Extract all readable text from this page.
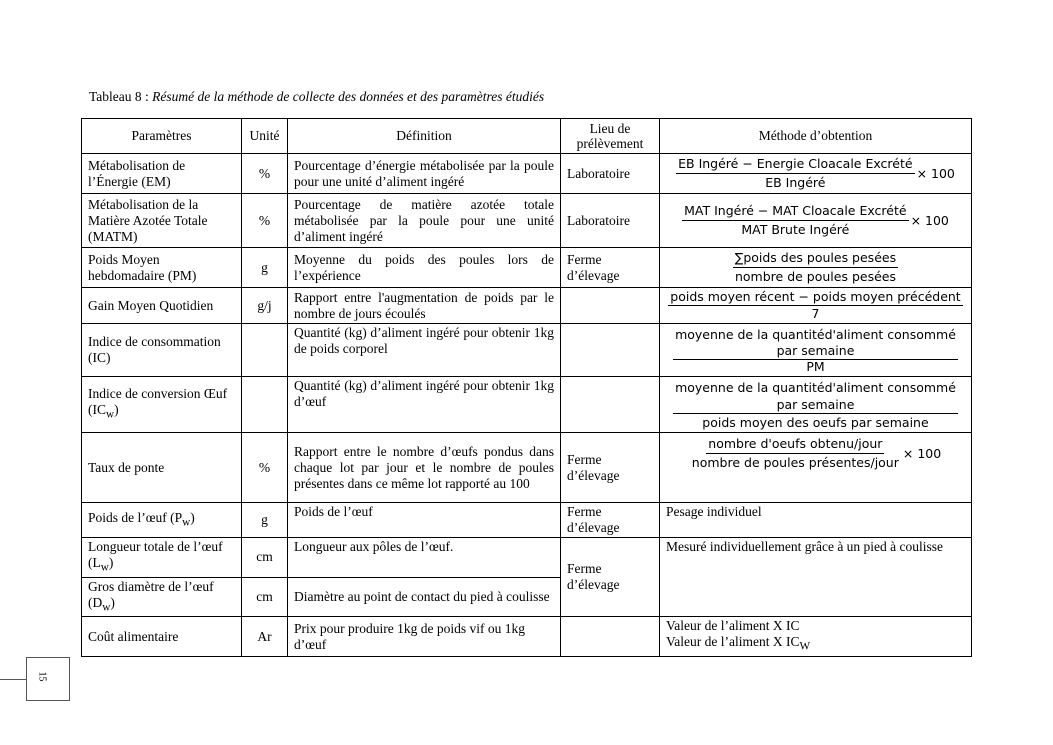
Tableau 8 : Résumé de la méthode de collecte des données et des paramètres étudiés
Paramètres	Unité	Définition	Lieu de prélèvement	Méthode d’obtention
Métabolisation de l’Énergie (EM)	%	Pourcentage d’énergie métabolisée par la poule pour une unité d’aliment ingéré	Laboratoire	$\frac{\text{EB Ingéré − Energie Cloacale Excrété}}{\text{EB Ingéré}} \times 100$
Métabolisation de la Matière Azotée Totale (MATM)	%	Pourcentage de matière azotée totale métabolisée par la poule pour une unité d’aliment ingéré	Laboratoire	$\frac{\text{MAT Ingéré − MAT Cloacale Excrété}}{\text{MAT Brute Ingéré}} \times 100$
Poids Moyen hebdomadaire (PM)	g	Moyenne du poids des poules lors de l’expérience	Ferme d’élevage	$\frac{\text{∑poids des poules pesées}}{\text{nombre de poules pesées}}$

Gain Moyen Quotidien	g/j	Rapport entre l'augmentation de poids par le nombre de jours écoulés		$\frac{\text{poids moyen récent − poids moyen précédent}}{7}$

Indice de consommation (IC)		Quantité (kg) d’aliment ingéré pour obtenir 1kg de poids corporel		moyenne de la quantitéd'aliment consommé
par semaine
PM

Indice de conversion Œuf $(IC_w)$		Quantité (kg) d’aliment ingéré pour obtenir 1kg d’œuf		moyenne de la quantitéd'aliment consommé
par semaine
poids moyen des oeufs par semaine

Taux de ponte	%	Rapport entre le nombre d’œufs pondus dans chaque lot par jour et le nombre de poules présentes dans ce même lot rapporté au 100	Ferme d’élevage	$\frac{\text{nombre d'oeufs obtenu/jour}}{\text{nombre de poules présentes/jour}} \times 100$
Poids de l’œuf $(P_w)$	g	Poids de l’œuf	Ferme d’élevage	Pesage individuel
Longueur totale de l’œuf $(L_w)$	cm	Longueur aux pôles de l’œuf.	Ferme d’élevage	Mesuré individuellement grâce à un pied à coulisse
Gros diamètre de l’œuf $(D_w)$	cm	Diamètre au point de contact du pied à coulisse		
Coût alimentaire	Ar	Prix pour produire 1kg de poids vif ou 1kg d’œuf		Valeur de l’aliment X IC
Valeur de l’aliment X $IC_W$
15
